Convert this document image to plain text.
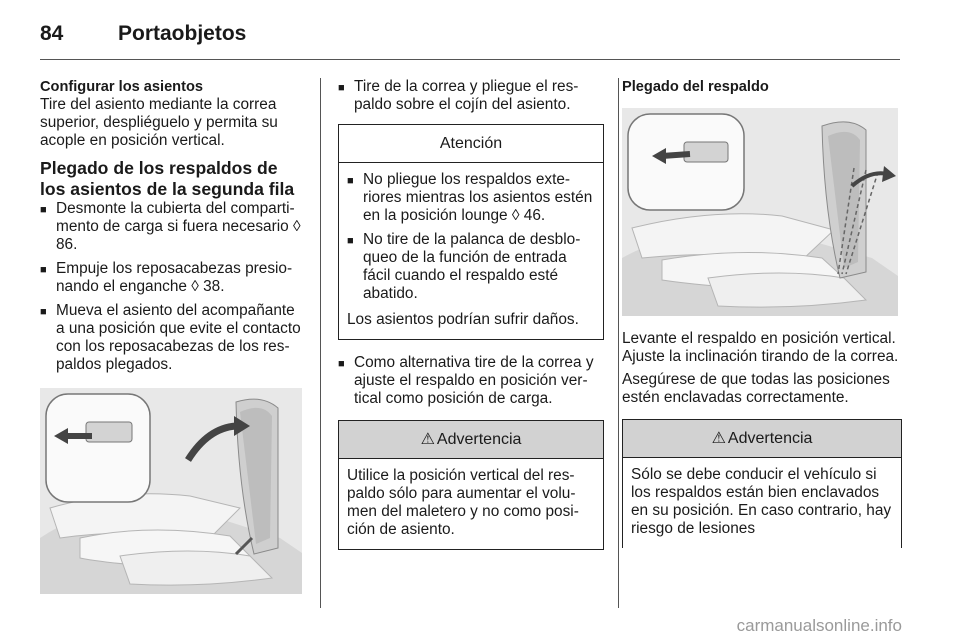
84	Portaobjetos
Configurar los asientos
Tire del asiento mediante la correa superior, despliéguelo y permita su acople en posición vertical.
Plegado de los respaldos de los asientos de la segunda fila
■ Desmonte la cubierta del compartimento de carga si fuera necesario ◊ 86.
■ Empuje los reposacabezas presionando el enganche ◊ 38.
■ Mueva el asiento del acompañante a una posición que evite el contacto con los reposacabezas de los respaldos plegados.
■ Tire de la correa y pliegue el respaldo sobre el cojín del asiento.
Atención
■ No pliegue los respaldos exteriores mientras los asientos estén en la posición lounge ◊ 46.
■ No tire de la palanca de desbloqueo de la función de entrada fácil cuando el respaldo esté abatido.
Los asientos podrían sufrir daños.
■ Como alternativa tire de la correa y ajuste el respaldo en posición vertical como posición de carga.
⚠ Advertencia
Utilice la posición vertical del respaldo sólo para aumentar el volumen del maletero y no como posición de asiento.
Plegado del respaldo
Levante el respaldo en posición vertical. Ajuste la inclinación tirando de la correa.
Asegúrese de que todas las posiciones estén enclavadas correctamente.
⚠ Advertencia
Sólo se debe conducir el vehículo si los respaldos están bien enclavados en su posición. En caso contrario, hay riesgo de lesiones
carmanualsonline.info
